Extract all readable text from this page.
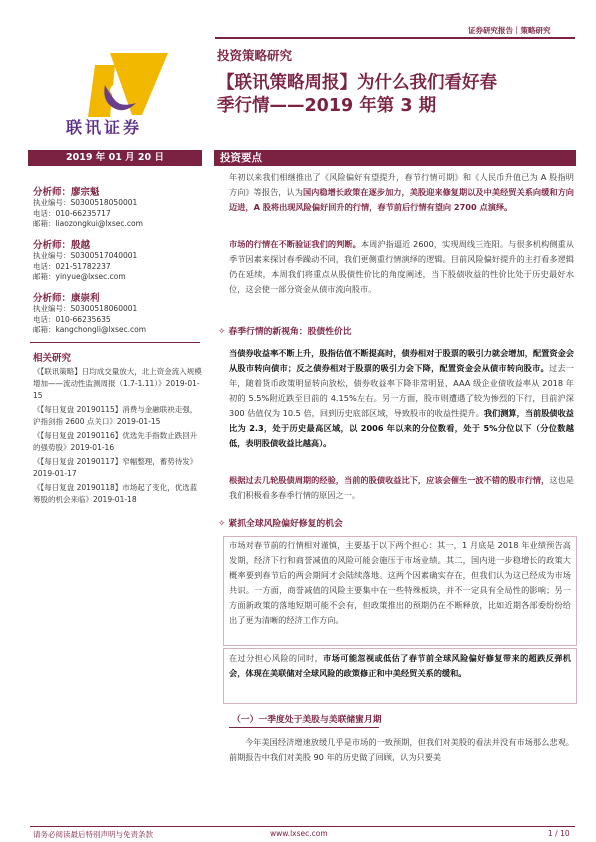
证券研究报告｜策略研究
投资策略研究
【联讯策略周报】为什么我们看好春
季行情——2019 年第 3 期
联讯证券
2019 年 01 月 20 日	投资要点
分析师：廖宗魁
执业编号：S0300518050001
电话：010-66235717
邮箱：liaozongkui@lxsec.com
分析师：殷越
执业编号：S0300517040001
电话：021-51782237
邮箱：yinyue@lxsec.com
分析师：康崇利
执业编号：S0300518060001
电话：010-66235635
邮箱：kangchongli@lxsec.com
相关研究
《【联讯策略】日均成交量放大，北上资金流入规模增加——流动性监测周报（1.7-1.11）》2019-01-15
《【每日复盘 20190115】消费与金融联袂走强，沪指剑指 2600 点关口》2019-01-15
《【每日复盘 20190116】优选先手指数止跌回升的强势股》2019-01-16
《【每日复盘 20190117】窄幅整理，蓄势待发》2019-01-17
《【每日复盘 20190118】市场起了变化，优选蓝筹股的机会来临》2019-01-18
年初以来我们相继推出了《风险偏好有望提升，春节行情可期》和《人民币升值已为 A 股指明方向》等报告，认为国内稳增长政策在逐步加力，美股迎来修复期以及中美经贸关系向缓和方向迈进，A 股将出现风险偏好回升的行情，春节前后行情有望向 2700 点演绎。
市场的行情在不断验证我们的判断。本周沪指逼近 2600，实现周线三连阳。与很多机构侧重从季节因素来探讨春季躁动不同，我们更侧重行情演绎的逻辑。目前风险偏好提升的主打看多逻辑仍在延续，本周我们将重点从股债性价比的角度阐述，当下股债收益的性价比处于历史最好水位，这会使一部分资金从债市流向股市。
✧ 春季行情的新视角：股债性价比
当债券收益率不断上升，股指估值不断提高时，债券相对于股票的吸引力就会增加，配置资金会从股市转向债市；反之债券相对于股票的吸引力会下降，配置资金会从债市转向股市。过去一年，随着货币政策明显转向放松，债券收益率下降非常明显，AAA 级企业债收益率从 2018 年初的 5.5%附近跌至目前的 4.15%左右。另一方面，股市则遭遇了较为惨烈的下行，目前沪深 300 估值仅为 10.5 倍，回到历史底部区域，导致股市的收益性提升。我们测算，当前股债收益比为 2.3，处于历史最高区域，以 2006 年以来的分位数看，处于 5%分位以下（分位数越低，表明股债收益比越高）。
根据过去几轮股债周期的经验，当前的股债收益比下，应该会催生一波不错的股市行情，这也是我们积极看多春季行情的原因之一。
✧ 紧抓全球风险偏好修复的机会
市场对春节前的行情相对谨慎，主要基于以下两个担心：其一，1 月底是 2018 年业绩预告高发期，经济下行和商誉减值的风险可能会施压于市场业绩。其二，国内进一步稳增长的政策大概率要到春节后的两会期间才会陆续落地。这两个因素确实存在，但我们认为这已经成为市场共识。一方面，商誉减值的风险主要集中在一些特殊板块，并不一定具有全局性的影响；另一方面新政策的落地短期可能不会有，但政策推出的预期仍在不断释放，比如近期各部委纷纷给出了更为清晰的经济工作方向。
在过分担心风险的同时，市场可能忽视或低估了春节前全球风险偏好修复带来的超跌反弹机会，体现在美联储对全球风险的政策修正和中美经贸关系的缓和。
（一）一季度处于美股与美联储蜜月期
今年美国经济增速放缓几乎是市场的一致预期，但我们对美股的看法并没有市场那么悲观。前期报告中我们对美股 90 年的历史做了回顾，认为只要美
请务必阅读最后特别声明与免责条款	www.lxsec.com	1 / 10
